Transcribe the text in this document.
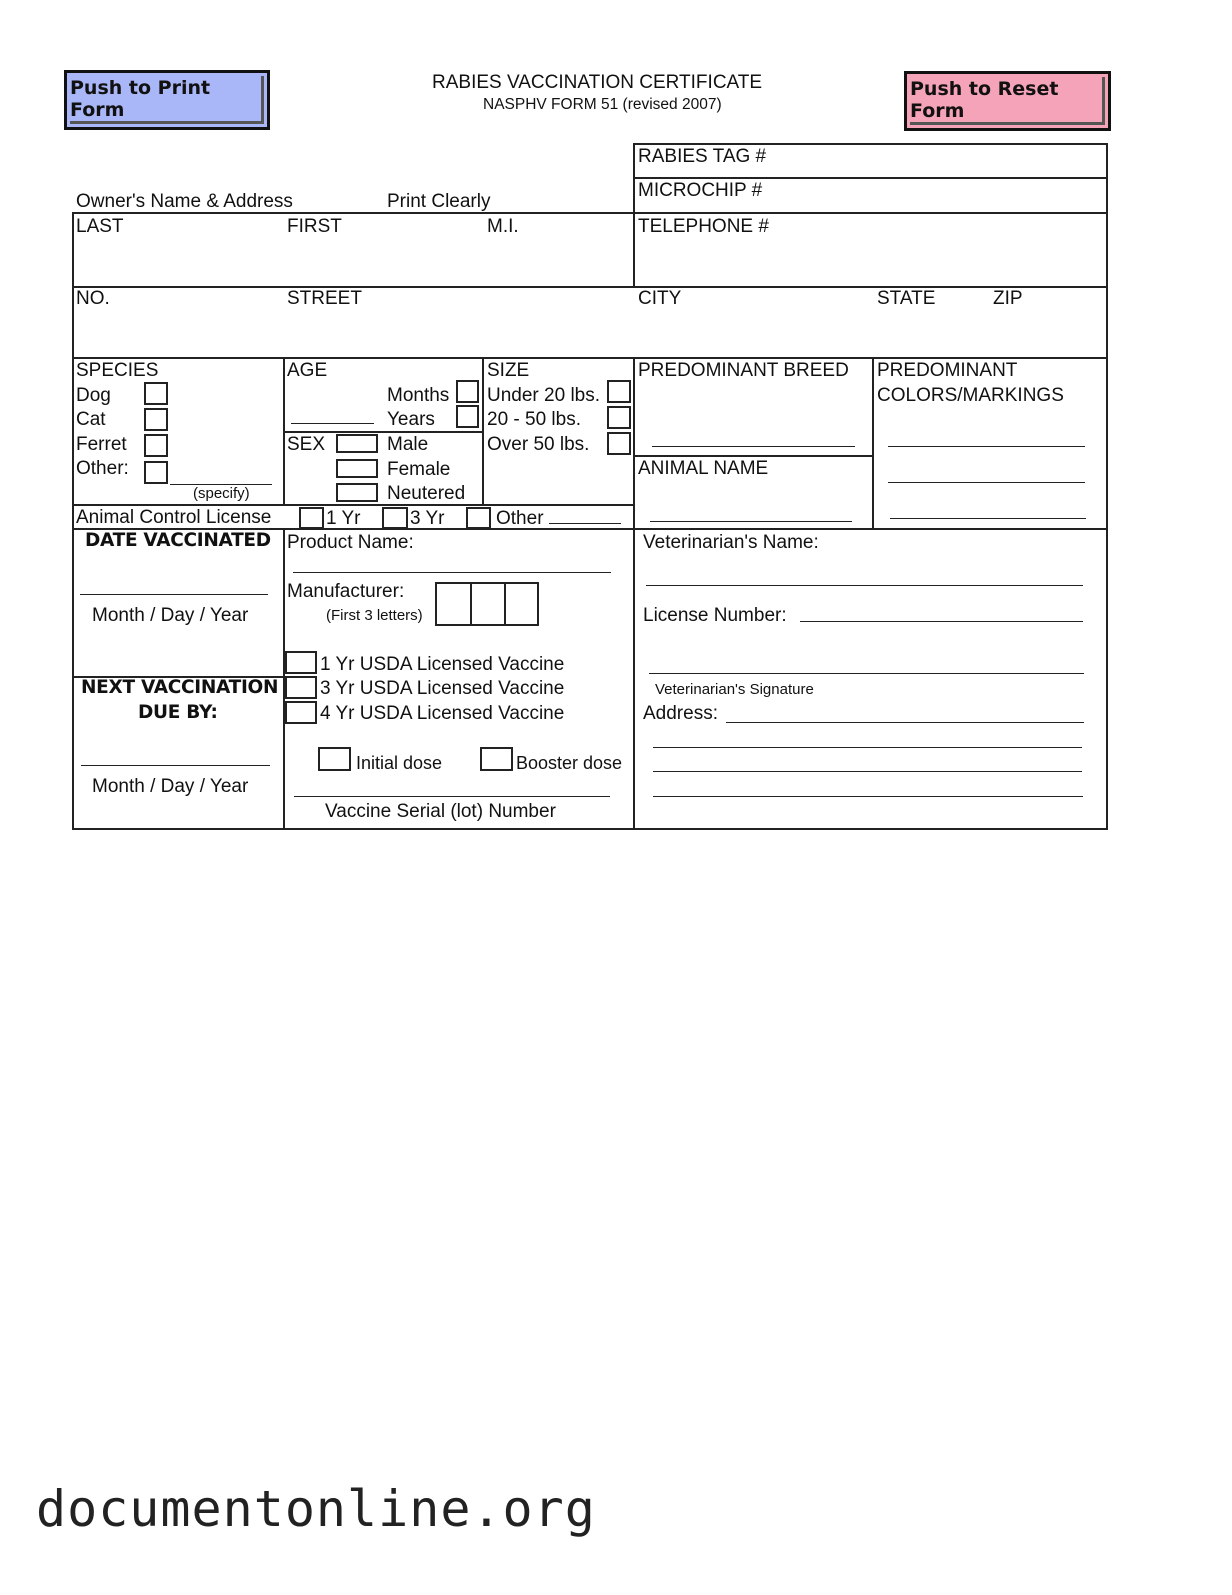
Push to Print Form
RABIES VACCINATION CERTIFICATE
NASPHV FORM 51 (revised 2007)
Push to Reset Form
RABIES TAG #
MICROCHIP #
Owner's Name & Address	Print Clearly
LAST	FIRST	M.I.	TELEPHONE #
NO.	STREET	CITY	STATE	ZIP
SPECIES
Dog
Cat
Ferret
Other:
(specify)
AGE
Months
Years
SEX	Male
Female
Neutered
SIZE
Under 20 lbs.
20 - 50 lbs.
Over 50 lbs.
PREDOMINANT BREED
ANIMAL NAME
PREDOMINANT
COLORS/MARKINGS
Animal Control License	1 Yr	3 Yr	Other
DATE VACCINATED
Month / Day / Year
NEXT VACCINATION
DUE BY:
Month / Day / Year
Product Name:
Manufacturer:
(First 3 letters)
1 Yr USDA Licensed Vaccine
3 Yr USDA Licensed Vaccine
4 Yr USDA Licensed Vaccine
Initial dose	Booster dose
Vaccine Serial (lot) Number
Veterinarian's Name:
License Number:
Veterinarian's Signature
Address:
documentonline.org
